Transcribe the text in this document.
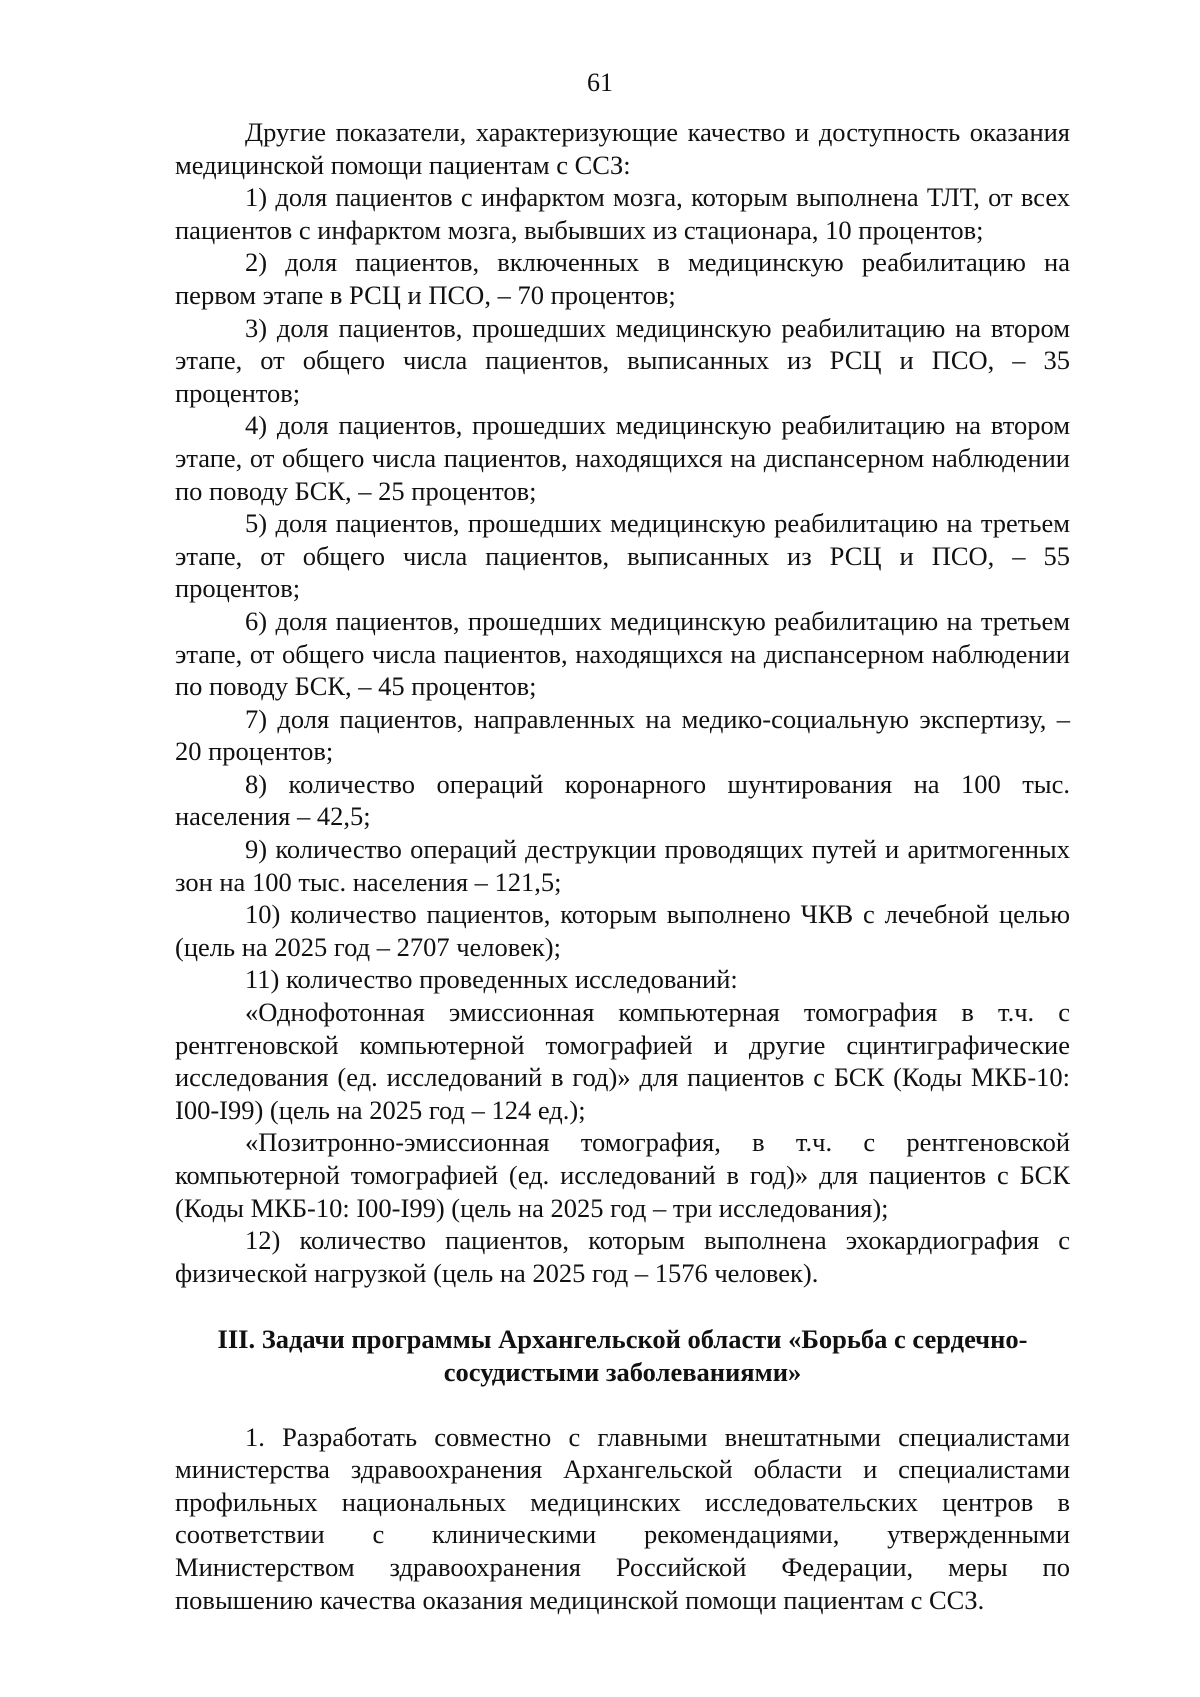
61

Другие показатели, характеризующие качество и доступность оказания медицинской помощи пациентам с ССЗ:

1) доля пациентов с инфарктом мозга, которым выполнена ТЛТ, от всех пациентов с инфарктом мозга, выбывших из стационара, 10 процентов;

2) доля пациентов, включенных в медицинскую реабилитацию на первом этапе в РСЦ и ПСО, – 70 процентов;

3) доля пациентов, прошедших медицинскую реабилитацию на втором этапе, от общего числа пациентов, выписанных из РСЦ и ПСО, – 35 процентов;

4) доля пациентов, прошедших медицинскую реабилитацию на втором этапе, от общего числа пациентов, находящихся на диспансерном наблюдении по поводу БСК, – 25 процентов;

5) доля пациентов, прошедших медицинскую реабилитацию на третьем этапе, от общего числа пациентов, выписанных из РСЦ и ПСО, – 55 процентов;

6) доля пациентов, прошедших медицинскую реабилитацию на третьем этапе, от общего числа пациентов, находящихся на диспансерном наблюдении по поводу БСК, – 45 процентов;

7) доля пациентов, направленных на медико-социальную экспертизу, – 20 процентов;

8) количество операций коронарного шунтирования на 100 тыс. населения – 42,5;

9) количество операций деструкции проводящих путей и аритмогенных зон на 100 тыс. населения – 121,5;

10) количество пациентов, которым выполнено ЧКВ с лечебной целью (цель на 2025 год – 2707 человек);

11) количество проведенных исследований:

«Однофотонная эмиссионная компьютерная томография в т.ч. с рентгеновской компьютерной томографией и другие сцинтиграфические исследования (ед. исследований в год)» для пациентов с БСК (Коды МКБ-10: I00-I99) (цель на 2025 год – 124 ед.);

«Позитронно-эмиссионная томография, в т.ч. с рентгеновской компьютерной томографией (ед. исследований в год)» для пациентов с БСК (Коды МКБ-10: I00-I99) (цель на 2025 год – три исследования);

12) количество пациентов, которым выполнена эхокардиография с физической нагрузкой (цель на 2025 год – 1576 человек).

III. Задачи программы Архангельской области «Борьба с сердечно-сосудистыми заболеваниями»

1. Разработать совместно с главными внештатными специалистами министерства здравоохранения Архангельской области и специалистами профильных национальных медицинских исследовательских центров в соответствии с клиническими рекомендациями, утвержденными Министерством здравоохранения Российской Федерации, меры по повышению качества оказания медицинской помощи пациентам с ССЗ.
